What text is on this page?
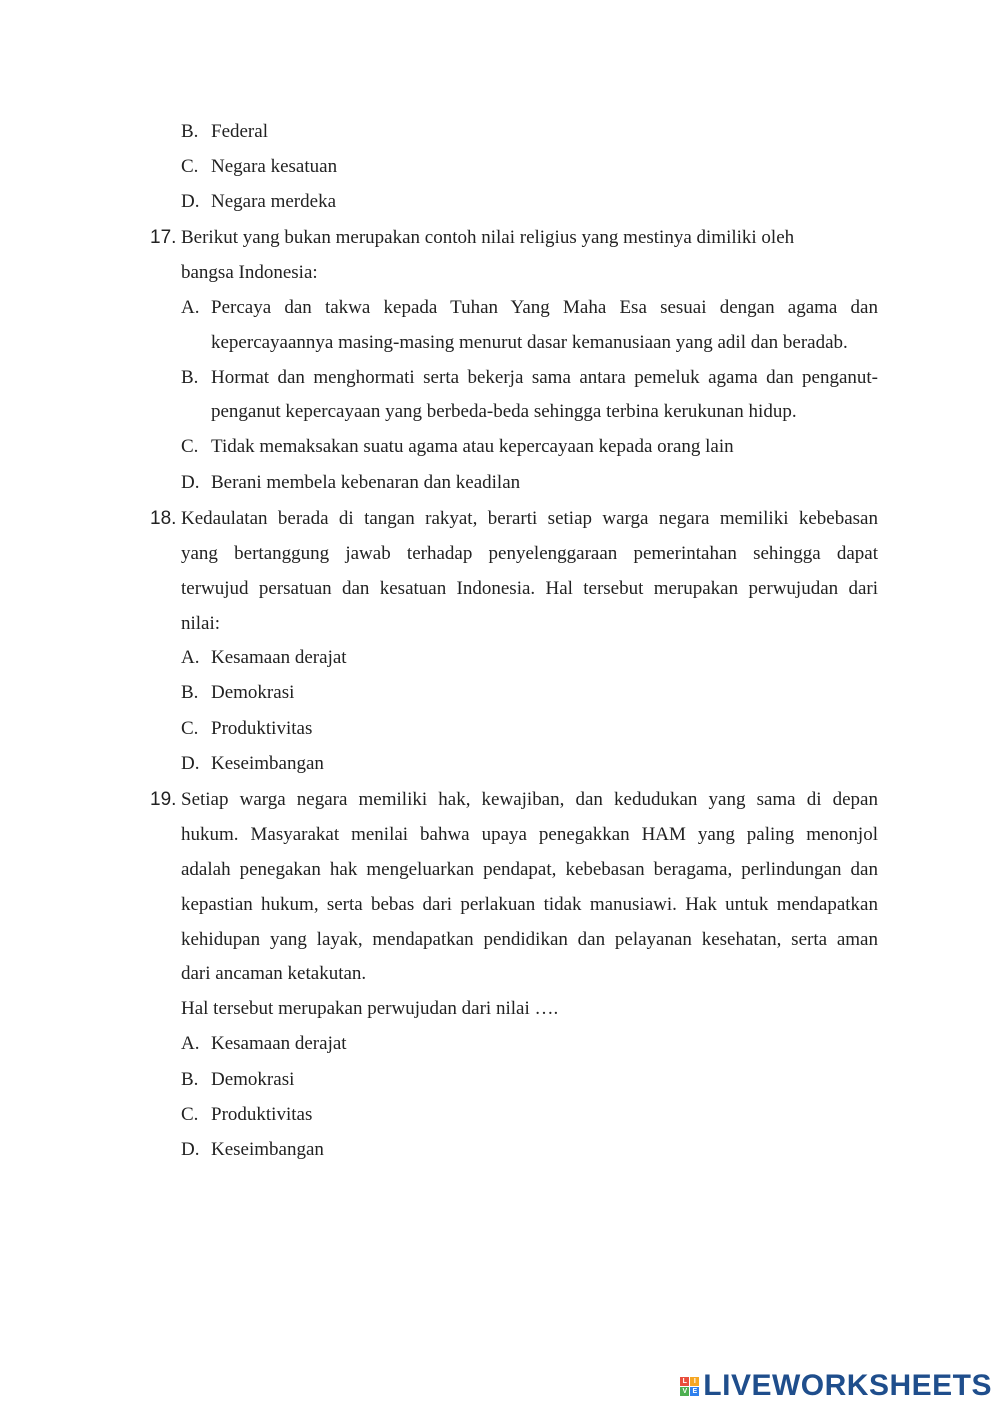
B. Federal
C. Negara kesatuan
D. Negara merdeka
17. Berikut yang bukan merupakan contoh nilai religius yang mestinya dimiliki oleh
bangsa Indonesia:
A. Percaya dan takwa kepada Tuhan Yang Maha Esa sesuai dengan agama dan
kepercayaannya masing-masing menurut dasar kemanusiaan yang adil dan beradab.
B. Hormat dan menghormati serta bekerja sama antara pemeluk agama dan penganut-
penganut kepercayaan yang berbeda-beda sehingga terbina kerukunan hidup.
C. Tidak memaksakan suatu agama atau kepercayaan kepada orang lain
D. Berani membela kebenaran dan keadilan
18. Kedaulatan berada di tangan rakyat, berarti setiap warga negara memiliki kebebasan
yang bertanggung jawab terhadap penyelenggaraan pemerintahan sehingga dapat
terwujud persatuan dan kesatuan Indonesia. Hal tersebut merupakan perwujudan dari
nilai:
A. Kesamaan derajat
B. Demokrasi
C. Produktivitas
D. Keseimbangan
19. Setiap warga negara memiliki hak, kewajiban, dan kedudukan yang sama di depan
hukum. Masyarakat menilai bahwa upaya penegakkan HAM yang paling menonjol
adalah penegakan hak mengeluarkan pendapat, kebebasan beragama, perlindungan dan
kepastian hukum, serta bebas dari perlakuan tidak manusiawi. Hak untuk mendapatkan
kehidupan yang layak, mendapatkan pendidikan dan pelayanan kesehatan, serta aman
dari ancaman ketakutan.
Hal tersebut merupakan perwujudan dari nilai ….
A. Kesamaan derajat
B. Demokrasi
C. Produktivitas
D. Keseimbangan
L I
V E LIVEWORKSHEETS
